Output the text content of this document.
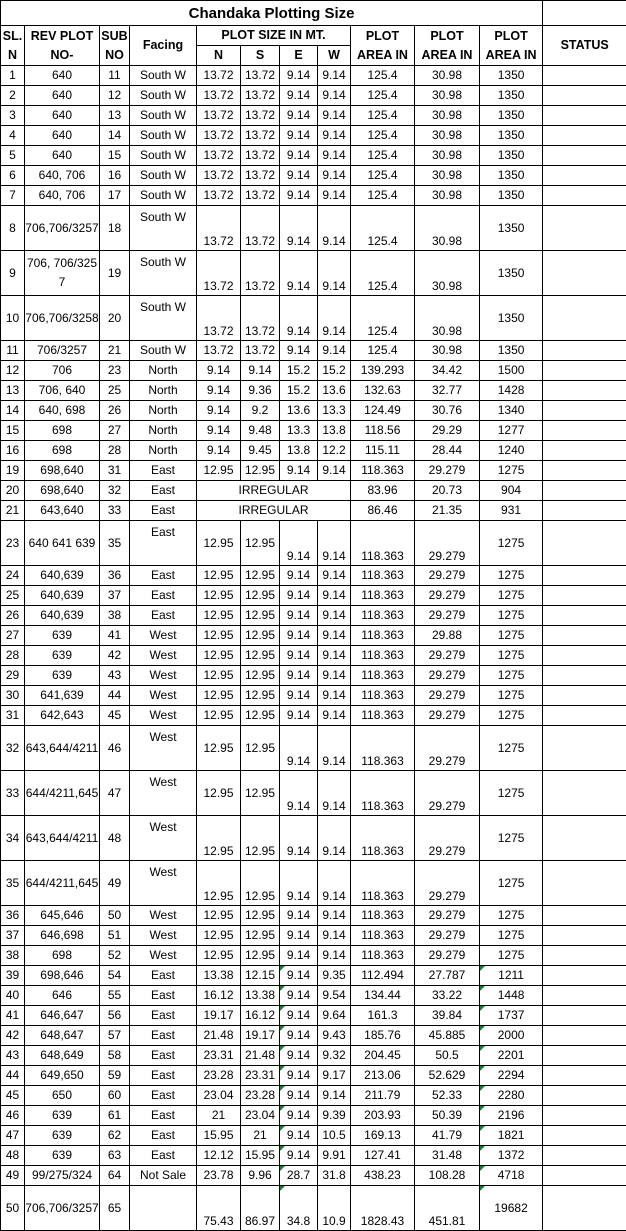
Chandaka Plotting Size											
SL. N	REV PLOT NO-	SUB NO	Facing	PLOT SIZE IN MT.				PLOT AREA IN	PLOT AREA IN	PLOT AREA IN	STATUS
				N	S	E	W				
1	640	11	South W	13.72	13.72	9.14	9.14	125.4	30.98	1350	
2	640	12	South W	13.72	13.72	9.14	9.14	125.4	30.98	1350	
3	640	13	South W	13.72	13.72	9.14	9.14	125.4	30.98	1350	
4	640	14	South W	13.72	13.72	9.14	9.14	125.4	30.98	1350	
5	640	15	South W	13.72	13.72	9.14	9.14	125.4	30.98	1350	
6	640, 706	16	South W	13.72	13.72	9.14	9.14	125.4	30.98	1350	
7	640, 706	17	South W	13.72	13.72	9.14	9.14	125.4	30.98	1350	
8	706,706/3257	18	South W	13.72	13.72	9.14	9.14	125.4	30.98	1350	
9	706, 706/3257	19	South W	13.72	13.72	9.14	9.14	125.4	30.98	1350	
10	706,706/3258	20	South W	13.72	13.72	9.14	9.14	125.4	30.98	1350	
11	706/3257	21	South W	13.72	13.72	9.14	9.14	125.4	30.98	1350	
12	706	23	North	9.14	9.14	15.2	15.2	139.293	34.42	1500	
13	706, 640	25	North	9.14	9.36	15.2	13.6	132.63	32.77	1428	
14	640, 698	26	North	9.14	9.2	13.6	13.3	124.49	30.76	1340	
15	698	27	North	9.14	9.48	13.3	13.8	118.56	29.29	1277	
16	698	28	North	9.14	9.45	13.8	12.2	115.11	28.44	1240	
19	698,640	31	East	12.95	12.95	9.14	9.14	118.363	29.279	1275	
20	698,640	32	East	IRREGULAR				83.96	20.73	904	
21	643,640	33	East	IRREGULAR				86.46	21.35	931	
23	640 641 639	35	East	12.95	12.95	9.14	9.14	118.363	29.279	1275	
24	640,639	36	East	12.95	12.95	9.14	9.14	118.363	29.279	1275	
25	640,639	37	East	12.95	12.95	9.14	9.14	118.363	29.279	1275	
26	640,639	38	East	12.95	12.95	9.14	9.14	118.363	29.279	1275	
27	639	41	West	12.95	12.95	9.14	9.14	118.363	29.88	1275	
28	639	42	West	12.95	12.95	9.14	9.14	118.363	29.279	1275	
29	639	43	West	12.95	12.95	9.14	9.14	118.363	29.279	1275	
30	641,639	44	West	12.95	12.95	9.14	9.14	118.363	29.279	1275	
31	642,643	45	West	12.95	12.95	9.14	9.14	118.363	29.279	1275	
32	643,644/4211	46	West	12.95	12.95	9.14	9.14	118.363	29.279	1275	
33	644/4211,645	47	West	12.95	12.95	9.14	9.14	118.363	29.279	1275	
34	643,644/4211	48	West	12.95	12.95	9.14	9.14	118.363	29.279	1275	
35	644/4211,645	49	West	12.95	12.95	9.14	9.14	118.363	29.279	1275	
36	645,646	50	West	12.95	12.95	9.14	9.14	118.363	29.279	1275	
37	646,698	51	West	12.95	12.95	9.14	9.14	118.363	29.279	1275	
38	698	52	West	12.95	12.95	9.14	9.14	118.363	29.279	1275	
39	698,646	54	East	13.38	12.15	9.14	9.35	112.494	27.787	1211	
40	646	55	East	16.12	13.38	9.14	9.54	134.44	33.22	1448	
41	646,647	56	East	19.17	16.12	9.14	9.64	161.3	39.84	1737	
42	648,647	57	East	21.48	19.17	9.14	9.43	185.76	45.885	2000	
43	648,649	58	East	23.31	21.48	9.14	9.32	204.45	50.5	2201	
44	649,650	59	East	23.28	23.31	9.14	9.17	213.06	52.629	2294	
45	650	60	East	23.04	23.28	9.14	9.14	211.79	52.33	2280	
46	639	61	East	21	23.04	9.14	9.39	203.93	50.39	2196	
47	639	62	East	15.95	21	9.14	10.5	169.13	41.79	1821	
48	639	63	East	12.12	15.95	9.14	9.91	127.41	31.48	1372	
49	99/275/324	64	Not Sale	23.78	9.96	28.7	31.8	438.23	108.28	4718	
50	706,706/3257	65		75.43	86.97	34.8	10.9	1828.43	451.81	19682	
